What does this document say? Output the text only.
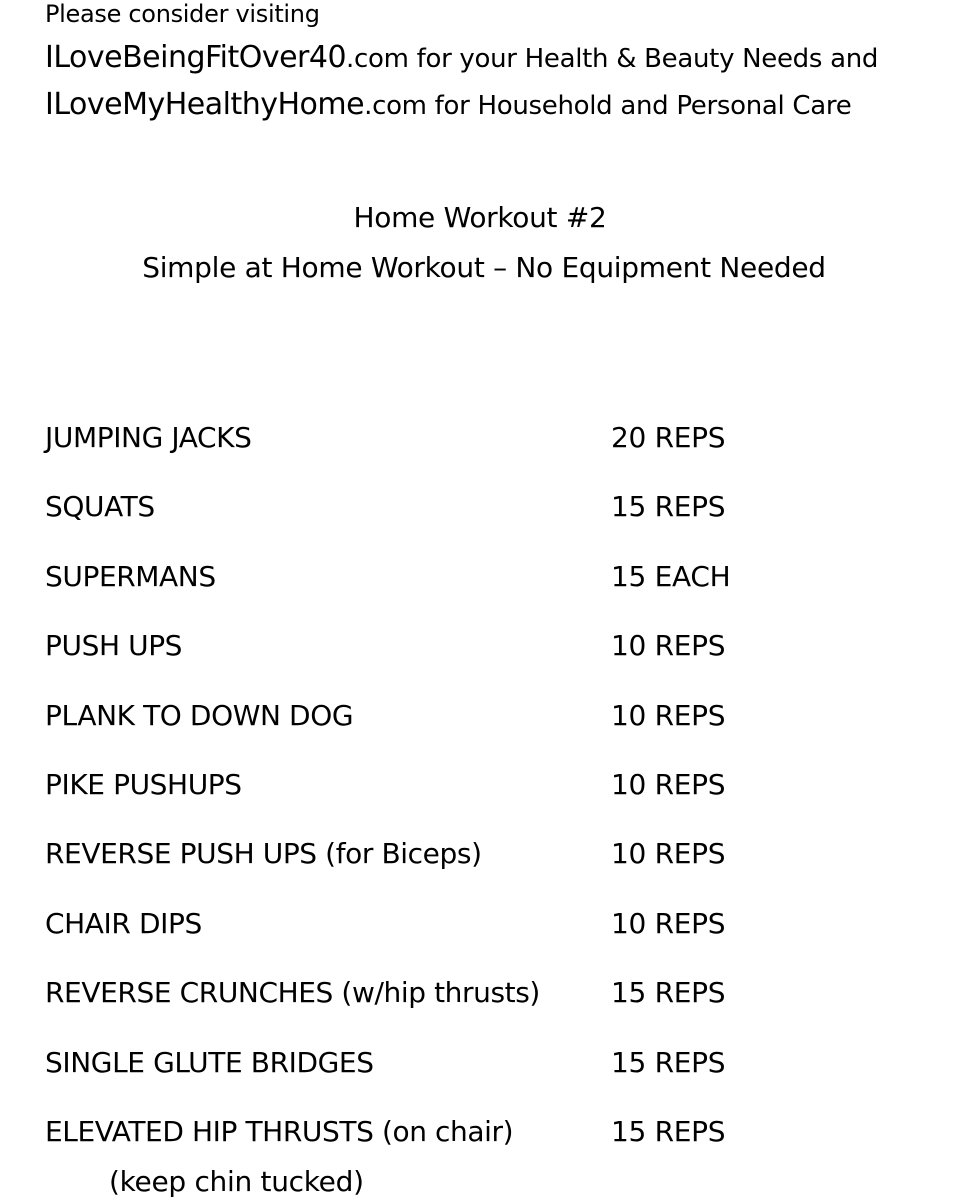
Please consider visiting

ILoveBeingFitOver40.com for your Health & Beauty Needs and

ILoveMyHealthyHome.com for Household and Personal Care

Home Workout #2
Simple at Home Workout – No Equipment Needed
JUMPING JACKS	20 REPS
SQUATS	15 REPS
SUPERMANS	15 EACH
PUSH UPS	10 REPS
PLANK TO DOWN DOG	10 REPS
PIKE PUSHUPS	10 REPS
REVERSE PUSH UPS (for Biceps)	10 REPS
CHAIR DIPS	10 REPS
REVERSE CRUNCHES (w/hip thrusts)	15 REPS
SINGLE GLUTE BRIDGES	15 REPS
ELEVATED HIP THRUSTS (on chair)	15 REPS
(keep chin tucked)
